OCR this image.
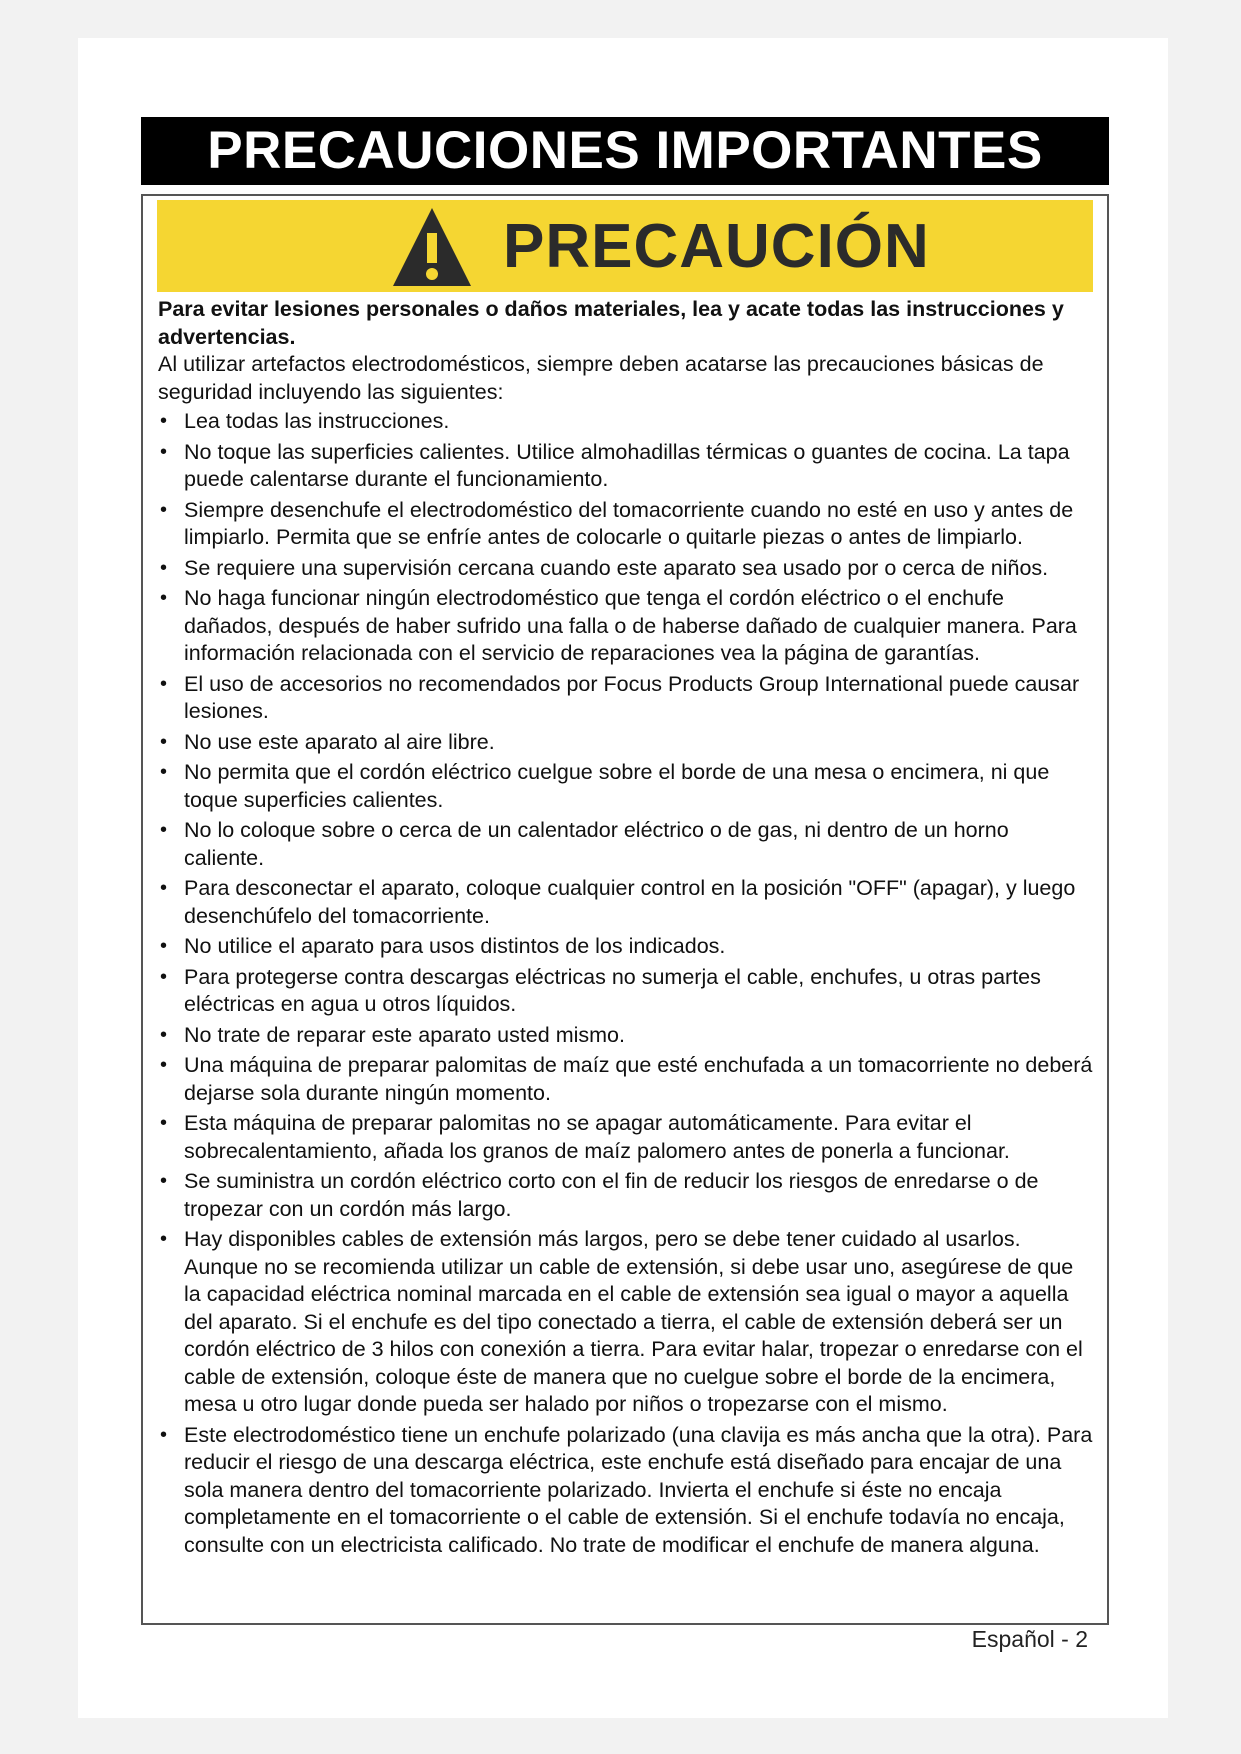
PRECAUCIONES IMPORTANTES
PRECAUCIÓN

Para evitar lesiones personales o daños materiales, lea y acate todas las instrucciones y advertencias.

Al utilizar artefactos electrodomésticos, siempre deben acatarse las precauciones básicas de seguridad incluyendo las siguientes:

• Lea todas las instrucciones.
• No toque las superficies calientes. Utilice almohadillas térmicas o guantes de cocina. La tapa puede calentarse durante el funcionamiento.
• Siempre desenchufe el electrodoméstico del tomacorriente cuando no esté en uso y antes de limpiarlo. Permita que se enfríe antes de colocarle o quitarle piezas o antes de limpiarlo.
• Se requiere una supervisión cercana cuando este aparato sea usado por o cerca de niños.
• No haga funcionar ningún electrodoméstico que tenga el cordón eléctrico o el enchufe dañados, después de haber sufrido una falla o de haberse dañado de cualquier manera. Para información relacionada con el servicio de reparaciones vea la página de garantías.
• El uso de accesorios no recomendados por Focus Products Group International puede causar lesiones.
• No use este aparato al aire libre.
• No permita que el cordón eléctrico cuelgue sobre el borde de una mesa o encimera, ni que toque superficies calientes.
• No lo coloque sobre o cerca de un calentador eléctrico o de gas, ni dentro de un horno caliente.
• Para desconectar el aparato, coloque cualquier control en la posición "OFF" (apagar), y luego desenchúfelo del tomacorriente.
• No utilice el aparato para usos distintos de los indicados.
• Para protegerse contra descargas eléctricas no sumerja el cable, enchufes, u otras partes eléctricas en agua u otros líquidos.
• No trate de reparar este aparato usted mismo.
• Una máquina de preparar palomitas de maíz que esté enchufada a un tomacorriente no deberá dejarse sola durante ningún momento.
• Esta máquina de preparar palomitas no se apagar automáticamente. Para evitar el sobrecalentamiento, añada los granos de maíz palomero antes de ponerla a funcionar.
• Se suministra un cordón eléctrico corto con el fin de reducir los riesgos de enredarse o de tropezar con un cordón más largo.
• Hay disponibles cables de extensión más largos, pero se debe tener cuidado al usarlos. Aunque no se recomienda utilizar un cable de extensión, si debe usar uno, asegúrese de que la capacidad eléctrica nominal marcada en el cable de extensión sea igual o mayor a aquella del aparato. Si el enchufe es del tipo conectado a tierra, el cable de extensión deberá ser un cordón eléctrico de 3 hilos con conexión a tierra. Para evitar halar, tropezar o enredarse con el cable de extensión, coloque éste de manera que no cuelgue sobre el borde de la encimera, mesa u otro lugar donde pueda ser halado por niños o tropezarse con el mismo.
• Este electrodoméstico tiene un enchufe polarizado (una clavija es más ancha que la otra). Para reducir el riesgo de una descarga eléctrica, este enchufe está diseñado para encajar de una sola manera dentro del tomacorriente polarizado. Invierta el enchufe si éste no encaja completamente en el tomacorriente o el cable de extensión. Si el enchufe todavía no encaja, consulte con un electricista calificado. No trate de modificar el enchufe de manera alguna.
Español - 2
